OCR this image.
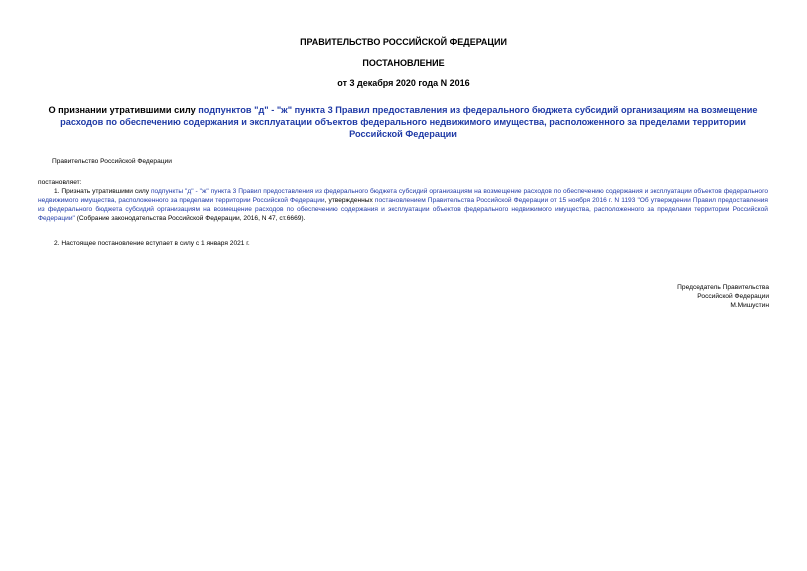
ПРАВИТЕЛЬСТВО РОССИЙСКОЙ ФЕДЕРАЦИИ
ПОСТАНОВЛЕНИЕ
от 3 декабря 2020 года N 2016
О признании утратившими силу подпунктов "д" - "ж" пункта 3 Правил предоставления из федерального бюджета субсидий организациям на возмещение расходов по обеспечению содержания и эксплуатации объектов федерального недвижимого имущества, расположенного за пределами территории Российской Федерации
Правительство Российской Федерации
постановляет:
1. Признать утратившими силу подпункты "д" - "ж" пункта 3 Правил предоставления из федерального бюджета субсидий организациям на возмещение расходов по обеспечению содержания и эксплуатации объектов федерального недвижимого имущества, расположенного за пределами территории Российской Федерации, утвержденных постановлением Правительства Российской Федерации от 15 ноября 2016 г. N 1193 "Об утверждении Правил предоставления из федерального бюджета субсидий организациям на возмещение расходов по обеспечению содержания и эксплуатации объектов федерального недвижимого имущества, расположенного за пределами территории Российской Федерации" (Собрание законодательства Российской Федерации, 2016, N 47, ст.6669).
2. Настоящее постановление вступает в силу с 1 января 2021 г.
Председатель Правительства
Российской Федерации
М.Мишустин
